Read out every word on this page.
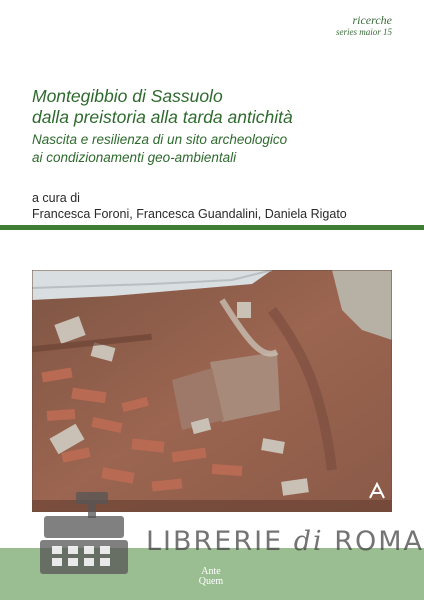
ricerche
series maior 15
Montegibbio di Sassuolo
dalla preistoria alla tarda antichità
Nascita e resilienza di un sito archeologico
ai condizionamenti geo-ambientali
a cura di
Francesca Foroni, Francesca Guandalini, Daniela Rigato
LIBRERIE di ROMA
Ante
Quem
